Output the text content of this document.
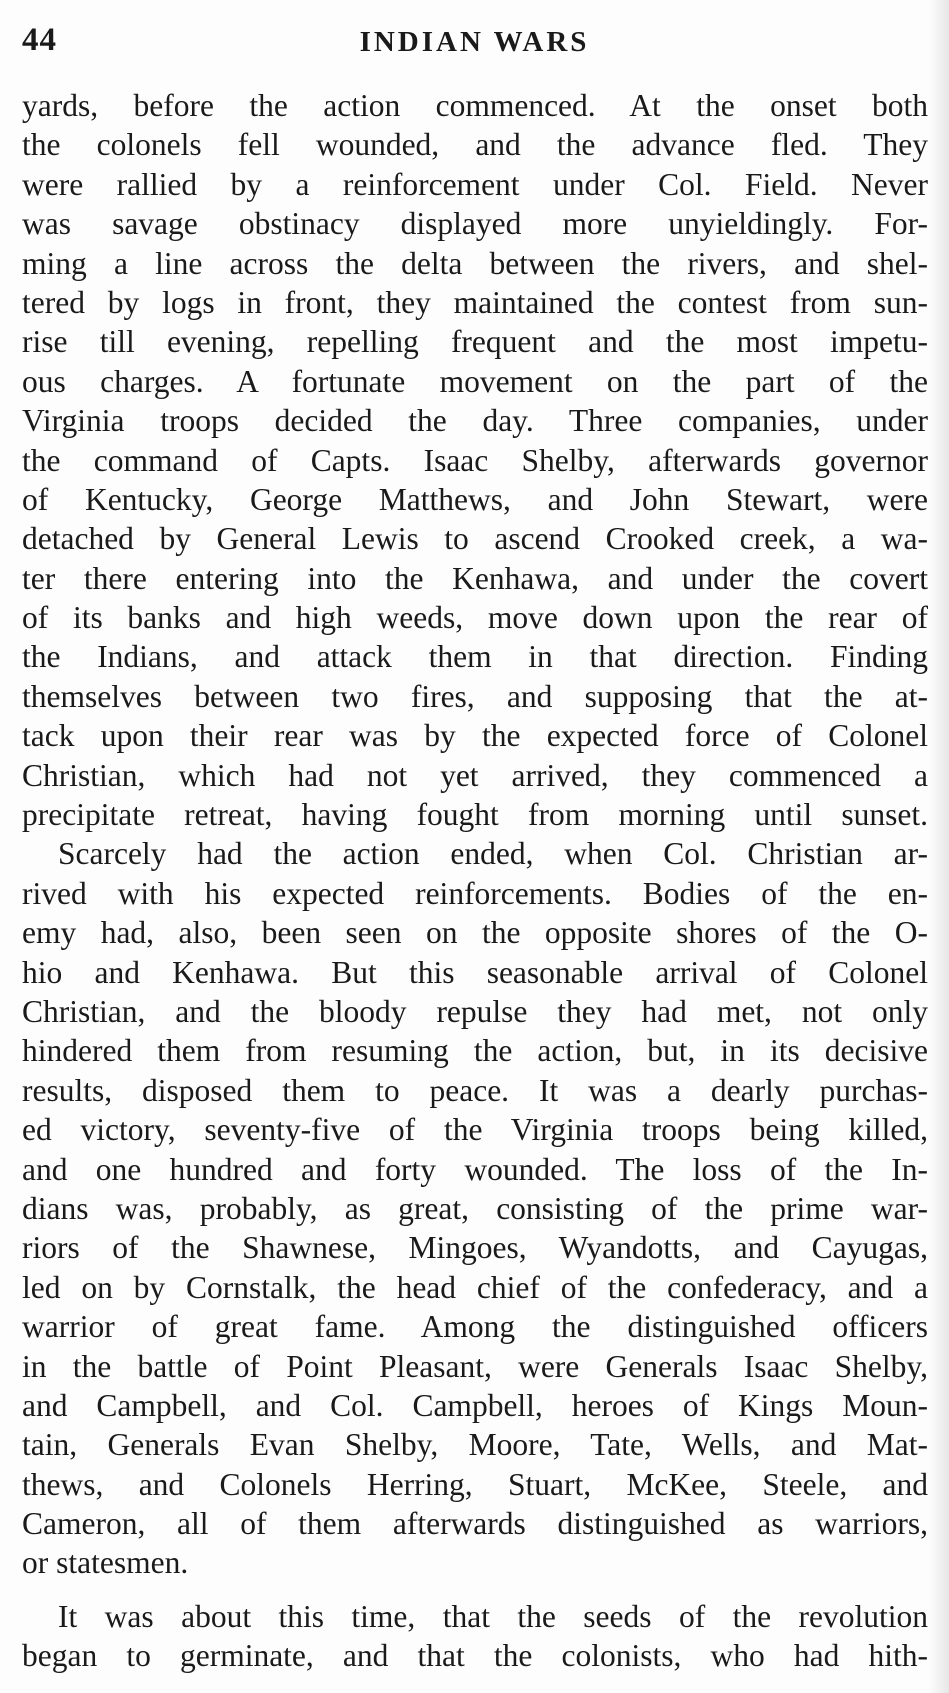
44	INDIAN WARS
yards, before the action commenced. At the onset both
the colonels fell wounded, and the advance fled. They
were rallied by a reinforcement under Col. Field. Never
was savage obstinacy displayed more unyieldingly. For-
ming a line across the delta between the rivers, and shel-
tered by logs in front, they maintained the contest from sun-
rise till evening, repelling frequent and the most impetu-
ous charges. A fortunate movement on the part of the
Virginia troops decided the day. Three companies, under
the command of Capts. Isaac Shelby, afterwards governor
of Kentucky, George Matthews, and John Stewart, were
detached by General Lewis to ascend Crooked creek, a wa-
ter there entering into the Kenhawa, and under the covert
of its banks and high weeds, move down upon the rear of
the Indians, and attack them in that direction. Finding
themselves between two fires, and supposing that the at-
tack upon their rear was by the expected force of Colonel
Christian, which had not yet arrived, they commenced a
precipitate retreat, having fought from morning until sunset.
Scarcely had the action ended, when Col. Christian ar-
rived with his expected reinforcements. Bodies of the en-
emy had, also, been seen on the opposite shores of the O-
hio and Kenhawa. But this seasonable arrival of Colonel
Christian, and the bloody repulse they had met, not only
hindered them from resuming the action, but, in its decisive
results, disposed them to peace. It was a dearly purchas-
ed victory, seventy-five of the Virginia troops being killed,
and one hundred and forty wounded. The loss of the In-
dians was, probably, as great, consisting of the prime war-
riors of the Shawnese, Mingoes, Wyandotts, and Cayugas,
led on by Cornstalk, the head chief of the confederacy, and a
warrior of great fame. Among the distinguished officers
in the battle of Point Pleasant, were Generals Isaac Shelby,
and Campbell, and Col. Campbell, heroes of Kings Moun-
tain, Generals Evan Shelby, Moore, Tate, Wells, and Mat-
thews, and Colonels Herring, Stuart, McKee, Steele, and
Cameron, all of them afterwards distinguished as warriors,
or statesmen.
It was about this time, that the seeds of the revolution
began to germinate, and that the colonists, who had hith-
